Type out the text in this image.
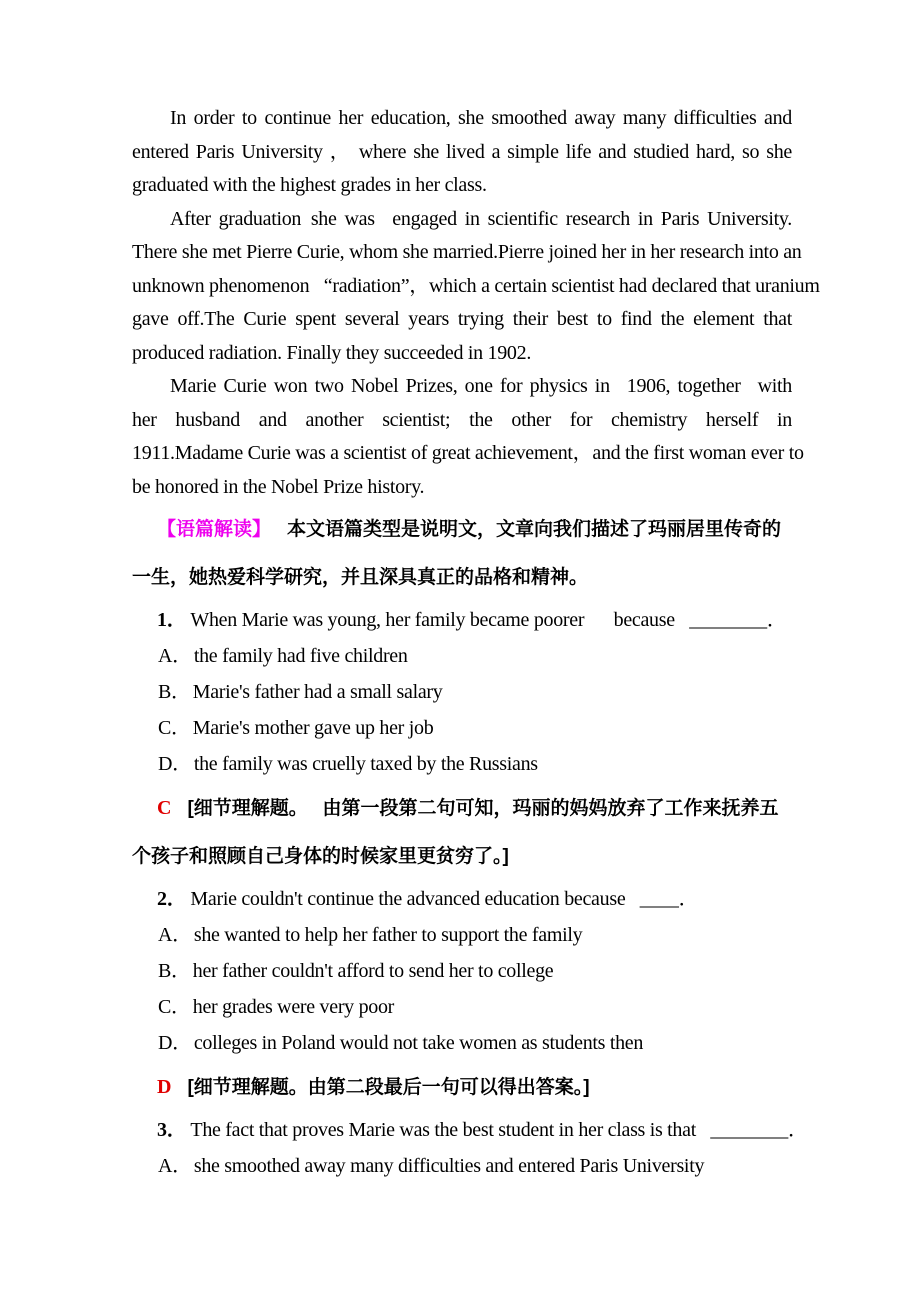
In order to continue her education, she smoothed away many difficulties and
entered Paris University ， where she lived a simple life and studied hard, so she
graduated with the highest grades in her class.
After graduation she was  engaged in scientific research in Paris University.
There she met Pierre Curie, whom she married.Pierre joined her in her research into an
unknown phenomenon  “radiation”，which a certain scientist had declared that uranium
gave off.The Curie spent several years trying their best to find the element that
produced radiation. Finally they succeeded in 1902.
Marie Curie won two Nobel Prizes, one for physics in  1906, together  with
her husband and another scientist; the other for chemistry herself in
1911.Madame Curie was a scientist of great achievement，and the first woman ever to
be honored in the Nobel Prize history.
【语篇解读】 本文语篇类型是说明文，文章向我们描述了玛丽居里传奇的
一生，她热爱科学研究，并且深具真正的品格和精神。
1． When Marie was young, her family became poorer  because  ________．
A． the family had five children
B． Marie's father had a small salary
C． Marie's mother gave up her job
D． the family was cruelly taxed by the Russians
C [细节理解题。  由第一段第二句可知，玛丽的妈妈放弃了工作来抚养五
个孩子和照顾自己身体的时候家里更贫穷了。]
2． Marie couldn't continue the advanced education because  ____．
A． she wanted to help her father to support the family
B． her father couldn't afford to send her to college
C． her grades were very poor
D． colleges in Poland would not take women as students then
D [细节理解题。由第二段最后一句可以得出答案。]
3． The fact that proves Marie was the best student in her class is that  ________．
A． she smoothed away many difficulties and entered Paris University
